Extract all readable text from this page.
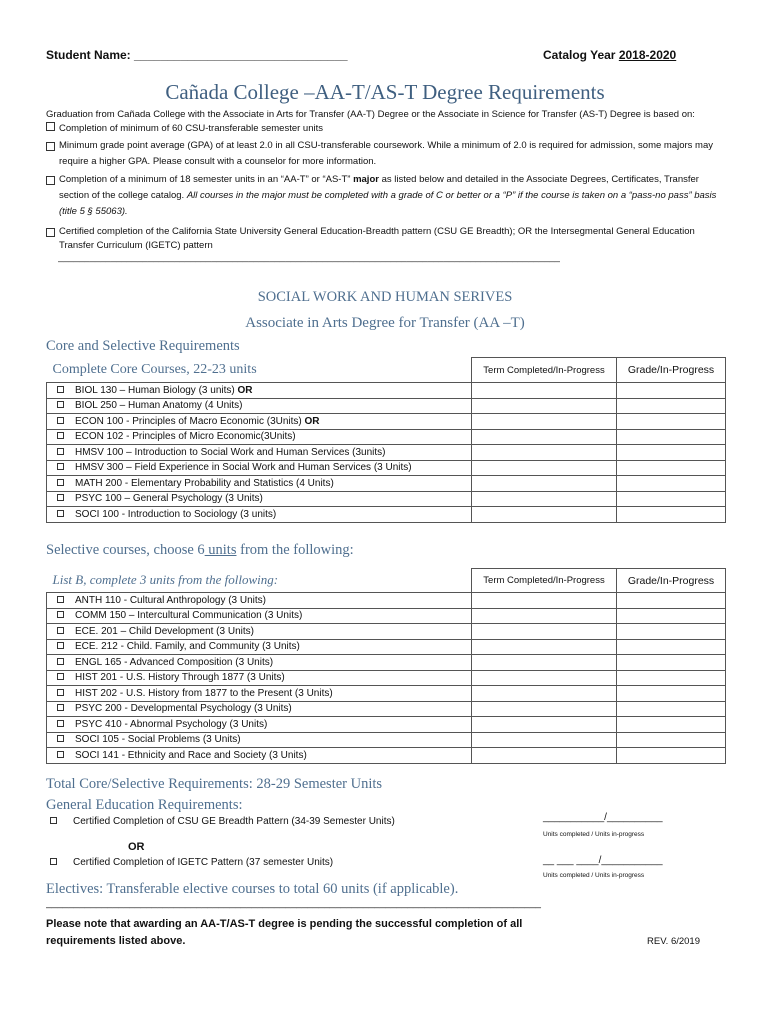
Student Name: ________________________________	Catalog Year 2018-2020
Cañada College –AA-T/AS-T Degree Requirements
Graduation from Cañada College with the Associate in Arts for Transfer (AA-T) Degree or the Associate in Science for Transfer (AS-T) Degree is based on:
Completion of minimum of 60 CSU-transferable semester units
Minimum grade point average (GPA) of at least 2.0 in all CSU-transferable coursework. While a minimum of 2.0 is required for admission, some majors may require a higher GPA. Please consult with a counselor for more information.
Completion of a minimum of 18 semester units in an “AA-T” or “AS-T” major as listed below and detailed in the Associate Degrees, Certificates, Transfer section of the college catalog. All courses in the major must be completed with a grade of C or better or a “P” if the course is taken on a “pass-no pass” basis (title 5 § 55063).
Certified completion of the California State University General Education-Breadth pattern (CSU GE Breadth); OR the Intersegmental General Education Transfer Curriculum (IGETC) pattern
_______________________________________________________________________________________________
SOCIAL WORK AND HUMAN SERIVES
Associate in Arts Degree for Transfer (AA –T)
Core and Selective Requirements
Complete Core Courses, 22-23 units		Term Completed/In-Progress	Grade/In-Progress
	BIOL 130 – Human Biology (3 units) OR		
	BIOL 250 – Human Anatomy (4 Units)		
	ECON 100 - Principles of Macro Economic (3Units) OR		
	ECON 102 - Principles of Micro Economic(3Units)		
	HMSV 100 – Introduction to Social Work and Human Services (3units)		
	HMSV 300 – Field Experience in Social Work and Human Services (3 Units)		
	MATH 200 - Elementary Probability and Statistics (4 Units)		
	PSYC 100 – General Psychology (3 Units)		
	SOCI 100 - Introduction to Sociology (3 units)		
Selective courses, choose 6 units from the following:
List B, complete 3 units from the following:		Term Completed/In-Progress	Grade/In-Progress
	ANTH 110 - Cultural Anthropology (3 Units)		
	COMM 150 – Intercultural Communication (3 Units)		
	ECE. 201 – Child Development (3 Units)		
	ECE. 212 - Child. Family, and Community (3 Units)		
	ENGL 165 - Advanced Composition (3 Units)		
	HIST 201 - U.S. History Through 1877 (3 Units)		
	HIST 202 - U.S. History from 1877 to the Present (3 Units)		
	PSYC 200 - Developmental Psychology (3 Units)		
	PSYC 410 - Abnormal Psychology (3 Units)		
	SOCI 105 - Social Problems (3 Units)		
	SOCI 141 - Ethnicity and Race and Society (3 Units)		
Total Core/Selective Requirements: 28-29 Semester Units
General Education Requirements:
Certified Completion of CSU GE Breadth Pattern (34-39 Semester Units)	___________/__________
Units completed / Units in-progress
OR
Certified Completion of IGETC Pattern (37 semester Units)	__ ___ ____/___________
Units completed / Units in-progress
Electives: Transferable elective courses to total 60 units (if applicable).
_________________________________________________________________________________________
Please note that awarding an AA-T/AS-T degree is pending the successful completion of all requirements listed above.	REV. 6/2019
